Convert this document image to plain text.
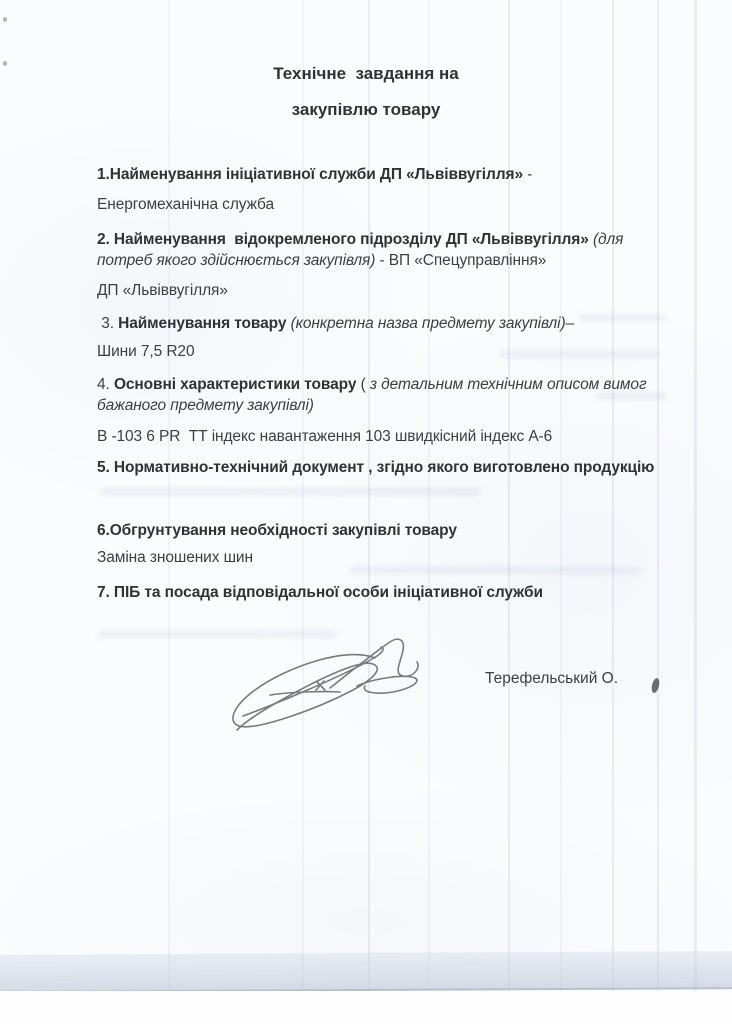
Технічне  завдання на
закупівлю товару
1.Найменування ініціативної служби ДП «Львіввугілля» -
Енергомеханічна служба
2. Найменування  відокремленого підрозділу ДП «Львіввугілля» (для
потреб якого здійснюється закупівля) - ВП «Спецуправління»
ДП «Львіввугілля»
3. Найменування товару (конкретна назва предмету закупівлі)–
Шини 7,5 R20
4. Основні характеристики товару ( з детальним технічним описом вимог
бажаного предмету закупівлі)
В -103 6 PR  ТТ індекс навантаження 103 швидкісний індекс А-6
5. Нормативно-технічний документ , згідно якого виготовлено продукцію
6.Обгрунтування необхідності закупівлі товару
Заміна зношених шин
7. ПІБ та посада відповідальної особи ініціативної служби
Терефельський О.
